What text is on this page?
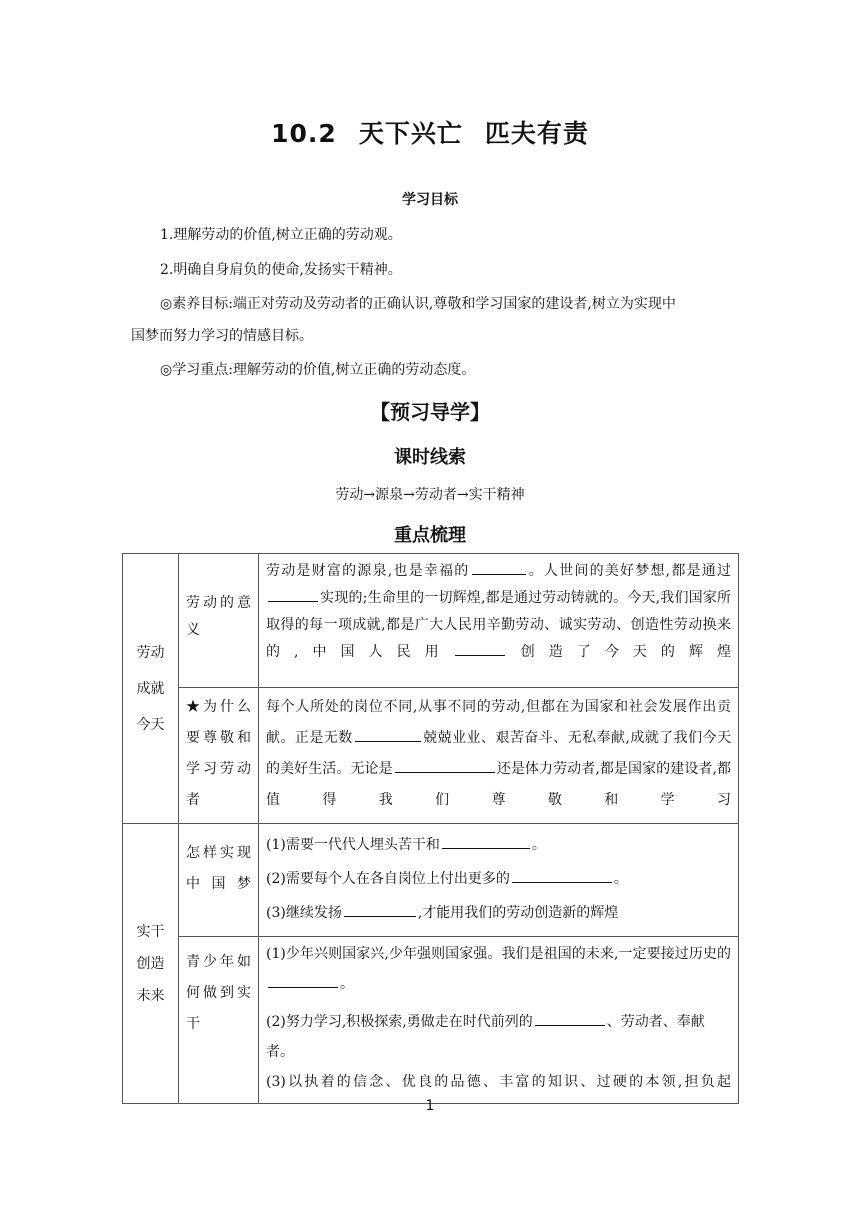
10.2 天下兴亡 匹夫有责
学习目标
1.理解劳动的价值,树立正确的劳动观。
2.明确自身肩负的使命,发扬实干精神。
◎素养目标:端正对劳动及劳动者的正确认识,尊敬和学习国家的建设者,树立为实现中
国梦而努力学习的情感目标。
◎学习重点:理解劳动的价值,树立正确的劳动态度。
【预习导学】
课时线索
劳动→源泉→劳动者→实干精神
重点梳理
劳动成就今天	劳动的意义	劳动是财富的源泉,也是幸福的 。人世间的美好梦想,都是通过实现的;生命里的一切辉煌,都是通过劳动铸就的。今天,我们国家所取得的每一项成就,都是广大人民用辛勤劳动、诚实劳动、创造性劳动换来的,中国人民用 创造了今天的辉煌
	★为什么要尊敬和学习劳动者	每个人所处的岗位不同,从事不同的劳动,但都在为国家和社会发展作出贡献。正是无数 兢兢业业、艰苦奋斗、无私奉献,成就了我们今天的美好生活。无论是 还是体力劳动者,都是国家的建设者,都值得我们尊敬和学习

实干创造未来	怎样实现中国梦	(1)需要一代代人埋头苦干和 。
(2)需要每个人在各自岗位上付出更多的 。
(3)继续发扬 ,才能用我们的劳动创造新的辉煌

	青少年如何做到实干	(1)少年兴则国家兴,少年强则国家强。我们是祖国的未来,一定要接过历史的。
(2)努力学习,积极探索,勇做走在时代前列的 、劳动者、奉献者。
(3)以执着的信念、优良的品德、丰富的知识、过硬的本领,担负起
1
